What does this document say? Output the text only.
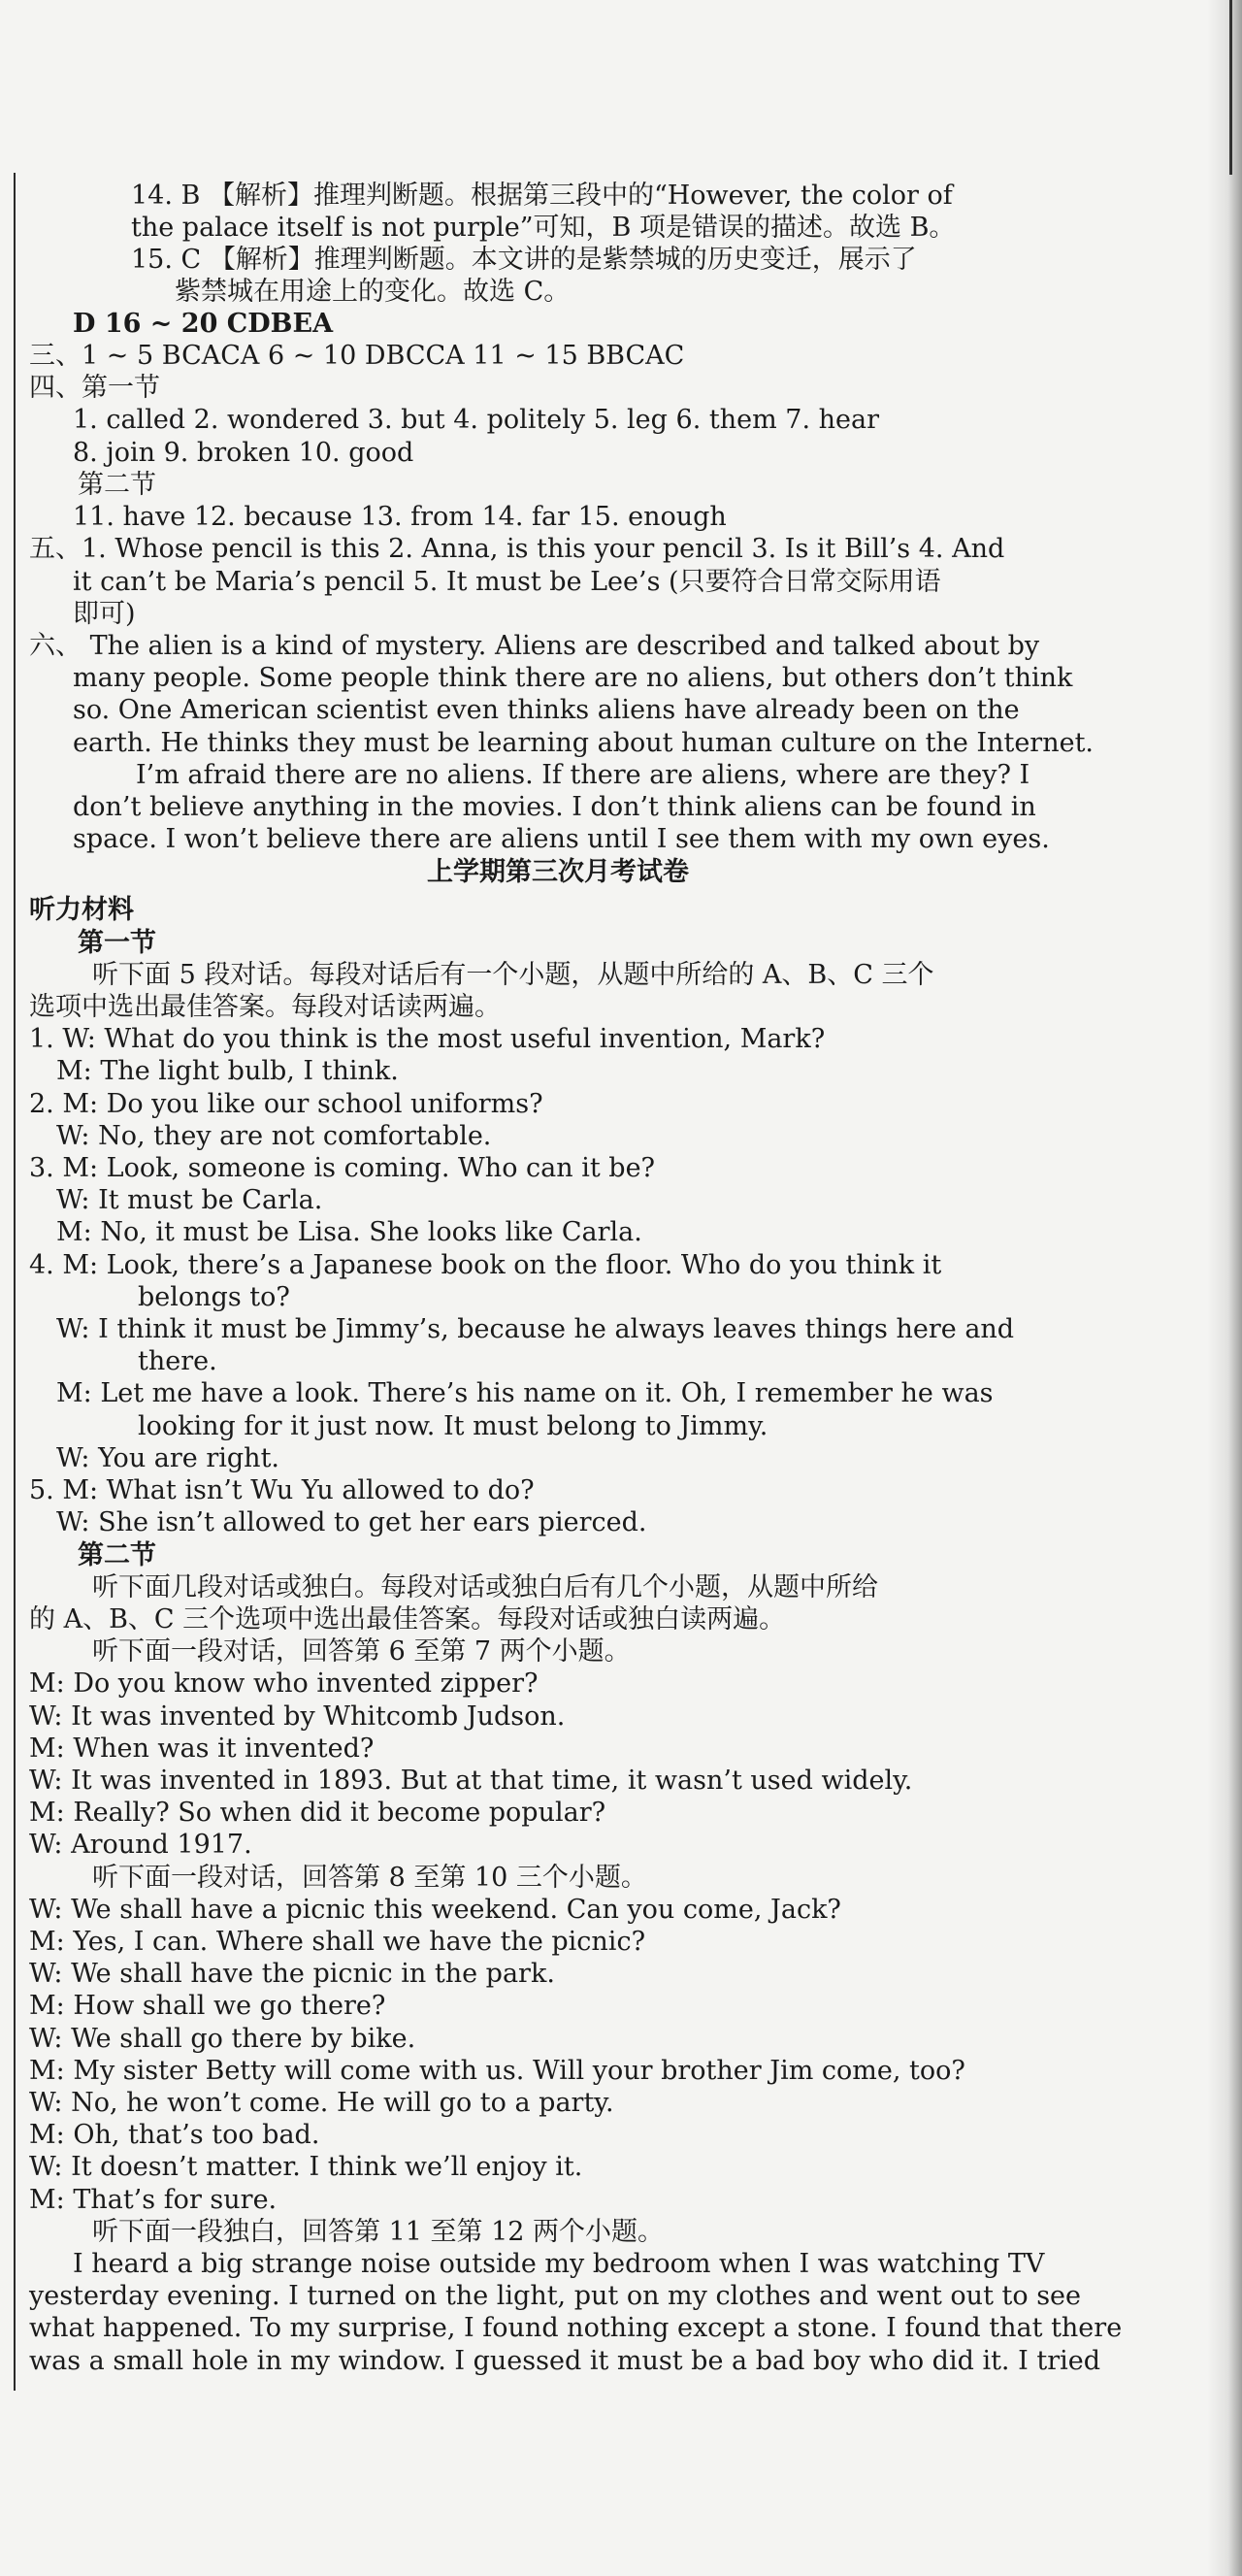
14. B 【解析】推理判断题。根据第三段中的“However, the color of
the palace itself is not purple”可知，B 项是错误的描述。故选 B。
15. C 【解析】推理判断题。本文讲的是紫禁城的历史变迁，展示了
紫禁城在用途上的变化。故选 C。
D 16 ~ 20 CDBEA
三、1 ~ 5 BCACA 6 ~ 10 DBCCA 11 ~ 15 BBCAC
四、第一节
1. called 2. wondered 3. but 4. politely 5. leg 6. them 7. hear
8. join 9. broken 10. good
第二节
11. have 12. because 13. from 14. far 15. enough
五、1. Whose pencil is this 2. Anna, is this your pencil 3. Is it Bill’s 4. And
it can’t be Maria’s pencil 5. It must be Lee’s (只要符合日常交际用语
即可)
六、 The alien is a kind of mystery. Aliens are described and talked about by
many people. Some people think there are no aliens, but others don’t think
so. One American scientist even thinks aliens have already been on the
earth. He thinks they must be learning about human culture on the Internet.
I’m afraid there are no aliens. If there are aliens, where are they? I
don’t believe anything in the movies. I don’t think aliens can be found in
space. I won’t believe there are aliens until I see them with my own eyes.
上学期第三次月考试卷
听力材料
第一节
听下面 5 段对话。每段对话后有一个小题，从题中所给的 A、B、C 三个
选项中选出最佳答案。每段对话读两遍。
1. W: What do you think is the most useful invention, Mark?
M: The light bulb, I think.
2. M: Do you like our school uniforms?
W: No, they are not comfortable.
3. M: Look, someone is coming. Who can it be?
W: It must be Carla.
M: No, it must be Lisa. She looks like Carla.
4. M: Look, there’s a Japanese book on the floor. Who do you think it
belongs to?
W: I think it must be Jimmy’s, because he always leaves things here and
there.
M: Let me have a look. There’s his name on it. Oh, I remember he was
looking for it just now. It must belong to Jimmy.
W: You are right.
5. M: What isn’t Wu Yu allowed to do?
W: She isn’t allowed to get her ears pierced.
第二节
听下面几段对话或独白。每段对话或独白后有几个小题，从题中所给
的 A、B、C 三个选项中选出最佳答案。每段对话或独白读两遍。
听下面一段对话，回答第 6 至第 7 两个小题。
M: Do you know who invented zipper?
W: It was invented by Whitcomb Judson.
M: When was it invented?
W: It was invented in 1893. But at that time, it wasn’t used widely.
M: Really? So when did it become popular?
W: Around 1917.
听下面一段对话，回答第 8 至第 10 三个小题。
W: We shall have a picnic this weekend. Can you come, Jack?
M: Yes, I can. Where shall we have the picnic?
W: We shall have the picnic in the park.
M: How shall we go there?
W: We shall go there by bike.
M: My sister Betty will come with us. Will your brother Jim come, too?
W: No, he won’t come. He will go to a party.
M: Oh, that’s too bad.
W: It doesn’t matter. I think we’ll enjoy it.
M: That’s for sure.
听下面一段独白，回答第 11 至第 12 两个小题。
I heard a big strange noise outside my bedroom when I was watching TV
yesterday evening. I turned on the light, put on my clothes and went out to see
what happened. To my surprise, I found nothing except a stone. I found that there
was a small hole in my window. I guessed it must be a bad boy who did it. I tried
